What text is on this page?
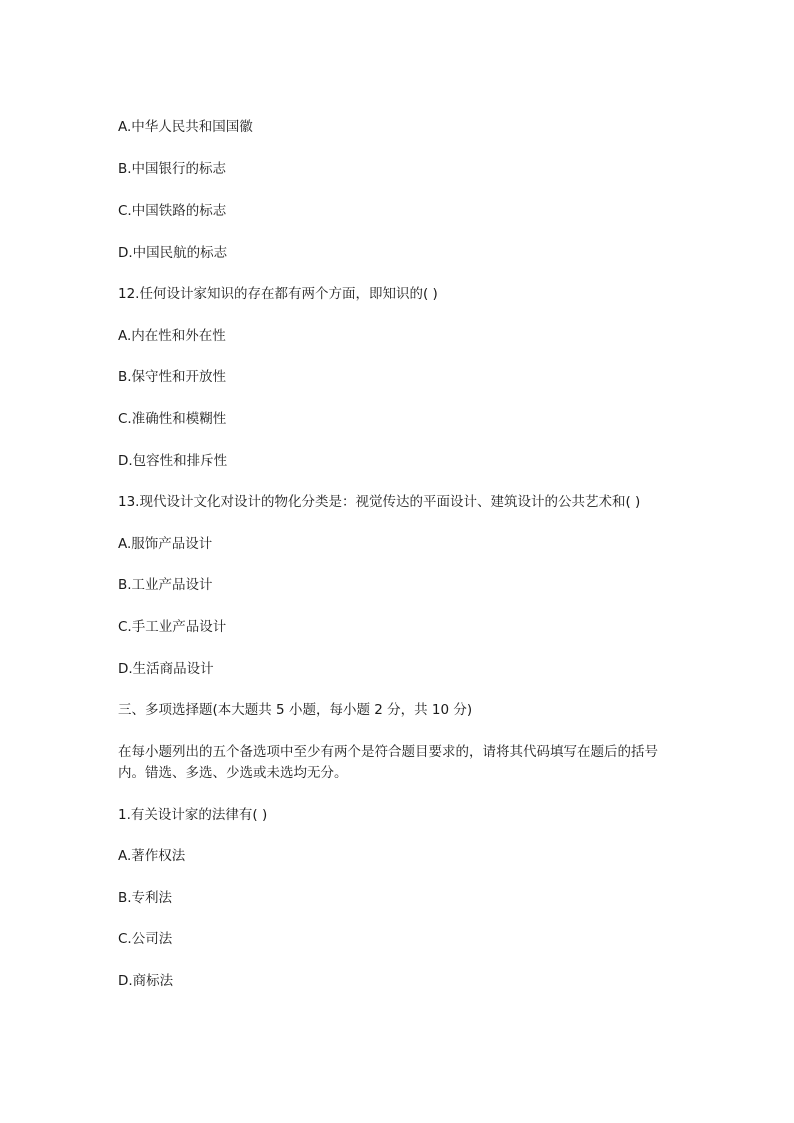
A.中华人民共和国国徽

B.中国银行的标志

C.中国铁路的标志

D.中国民航的标志

12.任何设计家知识的存在都有两个方面，即知识的( )

A.内在性和外在性

B.保守性和开放性

C.准确性和模糊性

D.包容性和排斥性

13.现代设计文化对设计的物化分类是：视觉传达的平面设计、建筑设计的公共艺术和( )

A.服饰产品设计

B.工业产品设计

C.手工业产品设计

D.生活商品设计

三、多项选择题(本大题共 5 小题，每小题 2 分，共 10 分)

在每小题列出的五个备选项中至少有两个是符合题目要求的，请将其代码填写在题后的括号内。错选、多选、少选或未选均无分。

1.有关设计家的法律有( )

A.著作权法

B.专利法

C.公司法

D.商标法
